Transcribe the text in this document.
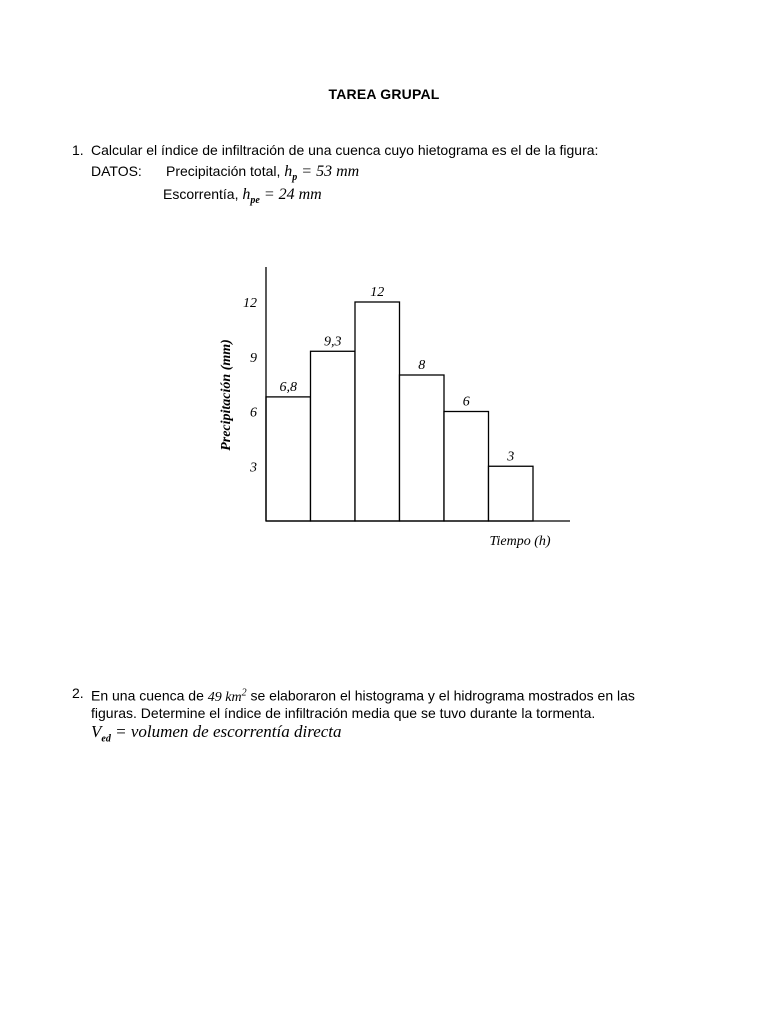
TAREA GRUPAL
1. Calcular el índice de infiltración de una cuenca cuyo hietograma es el de la figura:
DATOS: Precipitación total, $h_p = 53$ mm
Escorrentía, $h_{pe} = 24$ mm
6,8
9,3
12
8
6
3
3
6
9
12
Precipitación (mm)
Tiempo (h)
2. En una cuenca de 49 $km^2$ se elaboraron el histograma y el hidrograma mostrados en las
figuras. Determine el índice de infiltración media que se tuvo durante la tormenta.
$V_{ed}$ = volumen de escorrentía directa
